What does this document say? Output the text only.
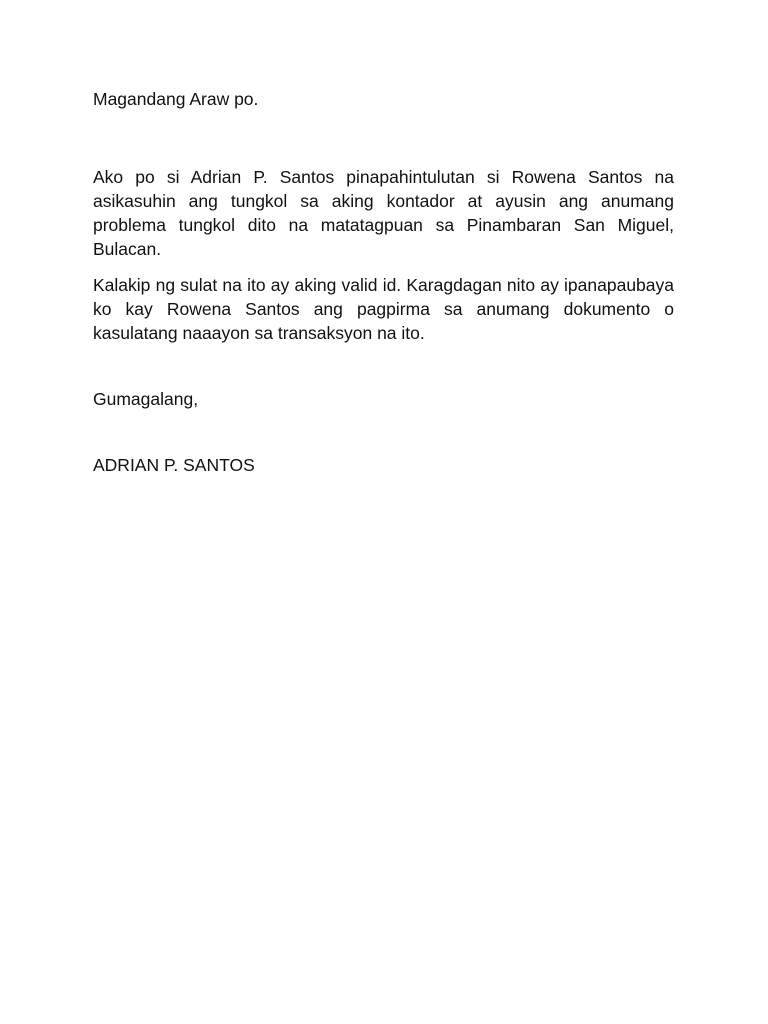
Magandang Araw po.

Ako po si Adrian P. Santos pinapahintulutan si Rowena Santos na asikasuhin ang tungkol sa aking kontador at ayusin ang anumang problema tungkol dito na matatagpuan sa Pinambaran San Miguel, Bulacan.

Kalakip ng sulat na ito ay aking valid id. Karagdagan nito ay ipanapaubaya ko kay Rowena Santos ang pagpirma sa anumang dokumento o kasulatang naaayon sa transaksyon na ito.

Gumagalang,

ADRIAN P. SANTOS
